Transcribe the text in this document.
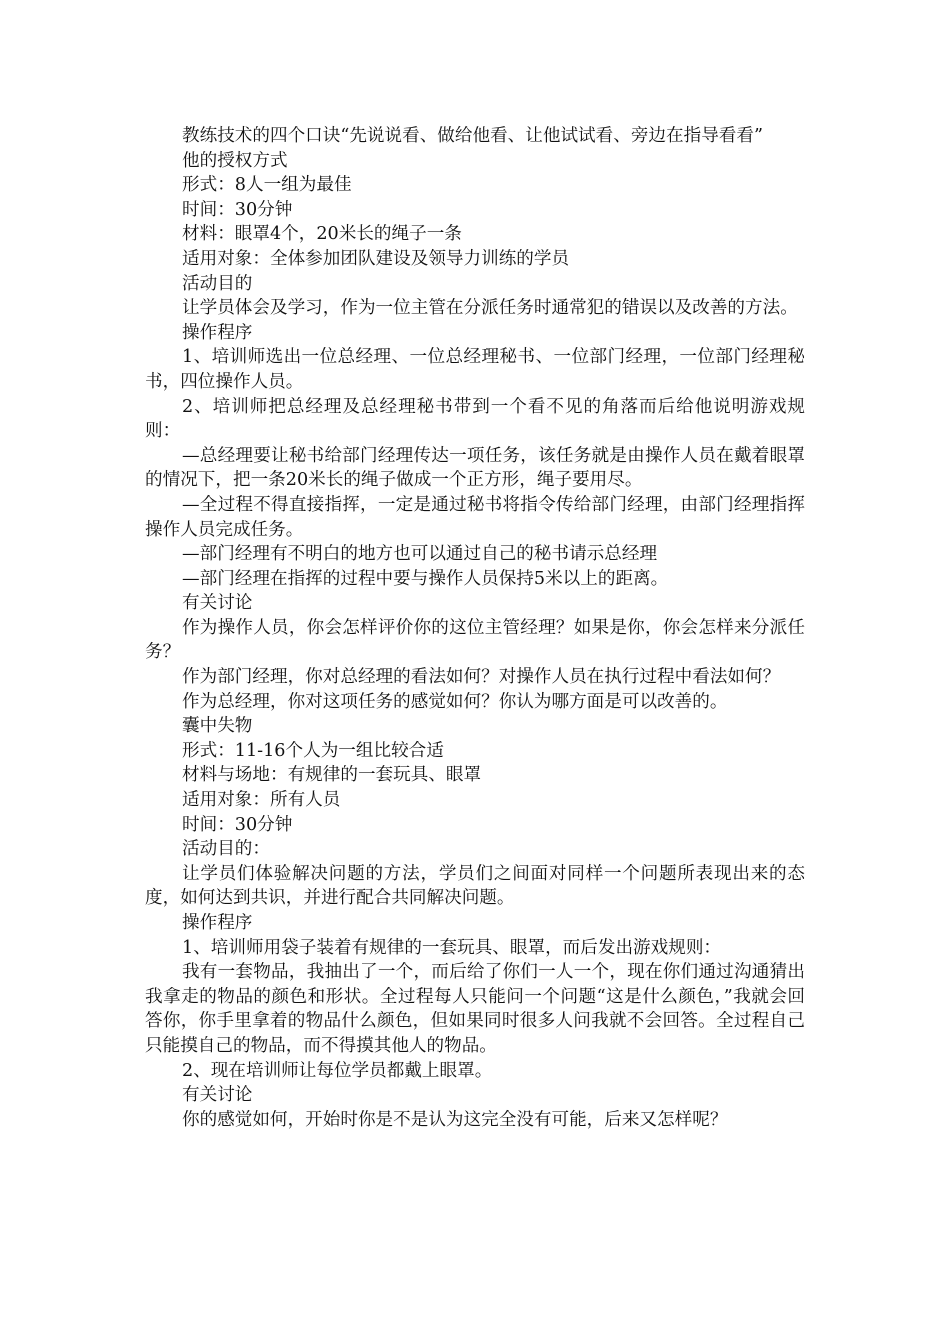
教练技术的四个口诀“先说说看、做给他看、让他试试看、旁边在指导看看”

他的授权方式

形式：8人一组为最佳

时间：30分钟

材料：眼罩4个，20米长的绳子一条

适用对象：全体参加团队建设及领导力训练的学员

活动目的

让学员体会及学习，作为一位主管在分派任务时通常犯的错误以及改善的方法。

操作程序

1、培训师选出一位总经理、一位总经理秘书、一位部门经理，一位部门经理秘书，四位操作人员。

2、培训师把总经理及总经理秘书带到一个看不见的角落而后给他说明游戏规则：

—总经理要让秘书给部门经理传达一项任务，该任务就是由操作人员在戴着眼罩的情况下，把一条20米长的绳子做成一个正方形，绳子要用尽。

—全过程不得直接指挥，一定是通过秘书将指令传给部门经理，由部门经理指挥操作人员完成任务。

—部门经理有不明白的地方也可以通过自己的秘书请示总经理

—部门经理在指挥的过程中要与操作人员保持5米以上的距离。

有关讨论

作为操作人员，你会怎样评价你的这位主管经理？如果是你，你会怎样来分派任务？

作为部门经理，你对总经理的看法如何？对操作人员在执行过程中看法如何？

作为总经理，你对这项任务的感觉如何？你认为哪方面是可以改善的。

囊中失物

形式：11-16个人为一组比较合适

材料与场地：有规律的一套玩具、眼罩

适用对象：所有人员

时间：30分钟

活动目的：

让学员们体验解决问题的方法，学员们之间面对同样一个问题所表现出来的态度，如何达到共识，并进行配合共同解决问题。

操作程序

1、培训师用袋子装着有规律的一套玩具、眼罩，而后发出游戏规则：

我有一套物品，我抽出了一个，而后给了你们一人一个，现在你们通过沟通猜出我拿走的物品的颜色和形状。全过程每人只能问一个问题“这是什么颜色，”我就会回答你，你手里拿着的物品什么颜色，但如果同时很多人问我就不会回答。全过程自己只能摸自己的物品，而不得摸其他人的物品。

2、现在培训师让每位学员都戴上眼罩。

有关讨论

你的感觉如何，开始时你是不是认为这完全没有可能，后来又怎样呢？
